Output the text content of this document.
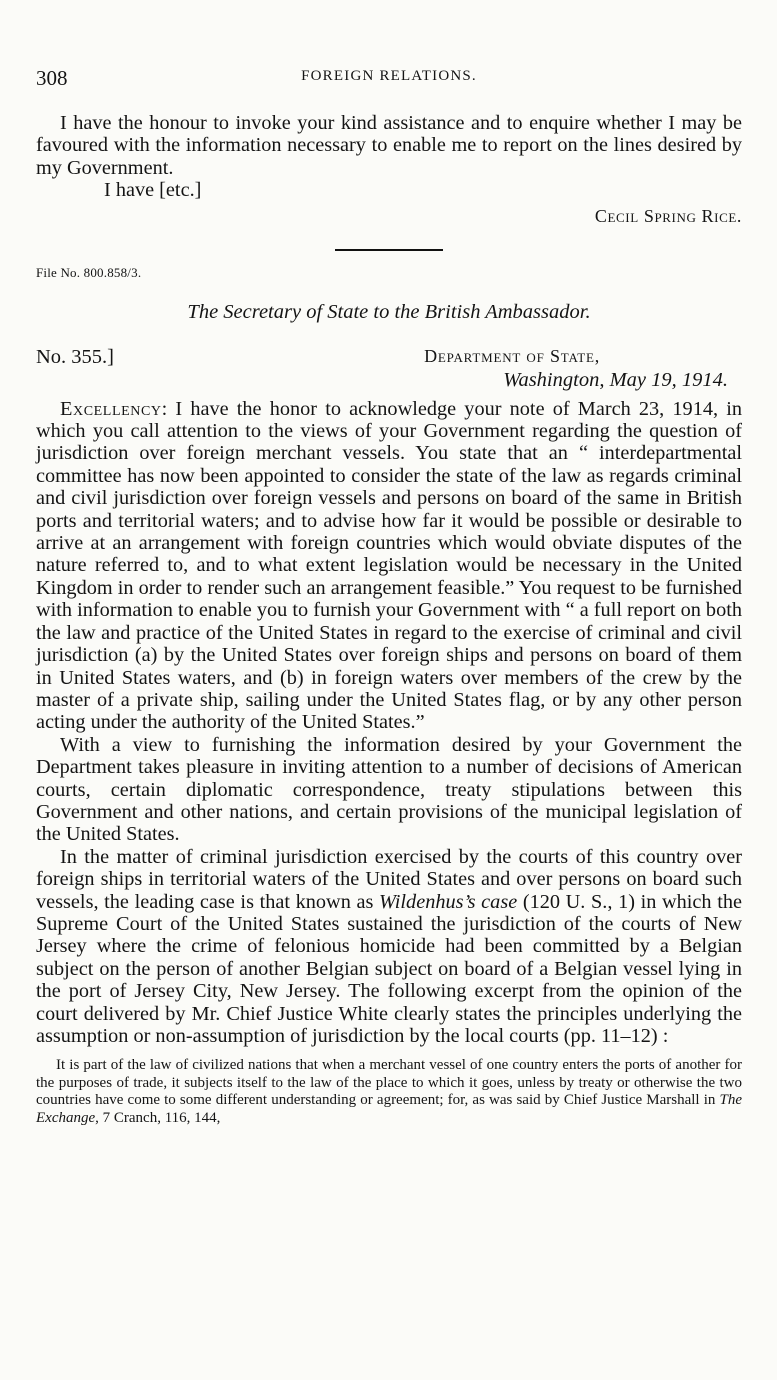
308	FOREIGN RELATIONS.

I have the honour to invoke your kind assistance and to enquire whether I may be favoured with the information necessary to enable me to report on the lines desired by my Government.

I have [etc.]

Cecil Spring Rice.
File No. 800.858/3.
The Secretary of State to the British Ambassador.
No. 355.]	Department of State,
Washington, May 19, 1914.

Excellency: I have the honor to acknowledge your note of March 23, 1914, in which you call attention to the views of your Government regarding the question of jurisdiction over foreign merchant vessels. You state that an “ interdepartmental committee has now been appointed to consider the state of the law as regards criminal and civil jurisdiction over foreign vessels and persons on board of the same in British ports and territorial waters; and to advise how far it would be possible or desirable to arrive at an arrangement with foreign countries which would obviate disputes of the nature referred to, and to what extent legislation would be necessary in the United Kingdom in order to render such an arrangement feasible.” You request to be furnished with information to enable you to furnish your Government with “ a full report on both the law and practice of the United States in regard to the exercise of criminal and civil jurisdiction (a) by the United States over foreign ships and persons on board of them in United States waters, and (b) in foreign waters over members of the crew by the master of a private ship, sailing under the United States flag, or by any other person acting under the authority of the United States.”

With a view to furnishing the information desired by your Government the Department takes pleasure in inviting attention to a number of decisions of American courts, certain diplomatic correspondence, treaty stipulations between this Government and other nations, and certain provisions of the municipal legislation of the United States.

In the matter of criminal jurisdiction exercised by the courts of this country over foreign ships in territorial waters of the United States and over persons on board such vessels, the leading case is that known as Wildenhus’s case (120 U. S., 1) in which the Supreme Court of the United States sustained the jurisdiction of the courts of New Jersey where the crime of felonious homicide had been committed by a Belgian subject on the person of another Belgian subject on board of a Belgian vessel lying in the port of Jersey City, New Jersey. The following excerpt from the opinion of the court delivered by Mr. Chief Justice White clearly states the principles underlying the assumption or non-assumption of jurisdiction by the local courts (pp. 11–12) :

It is part of the law of civilized nations that when a merchant vessel of one country enters the ports of another for the purposes of trade, it subjects itself to the law of the place to which it goes, unless by treaty or otherwise the two countries have come to some different understanding or agreement; for, as was said by Chief Justice Marshall in The Exchange, 7 Cranch, 116, 144,
